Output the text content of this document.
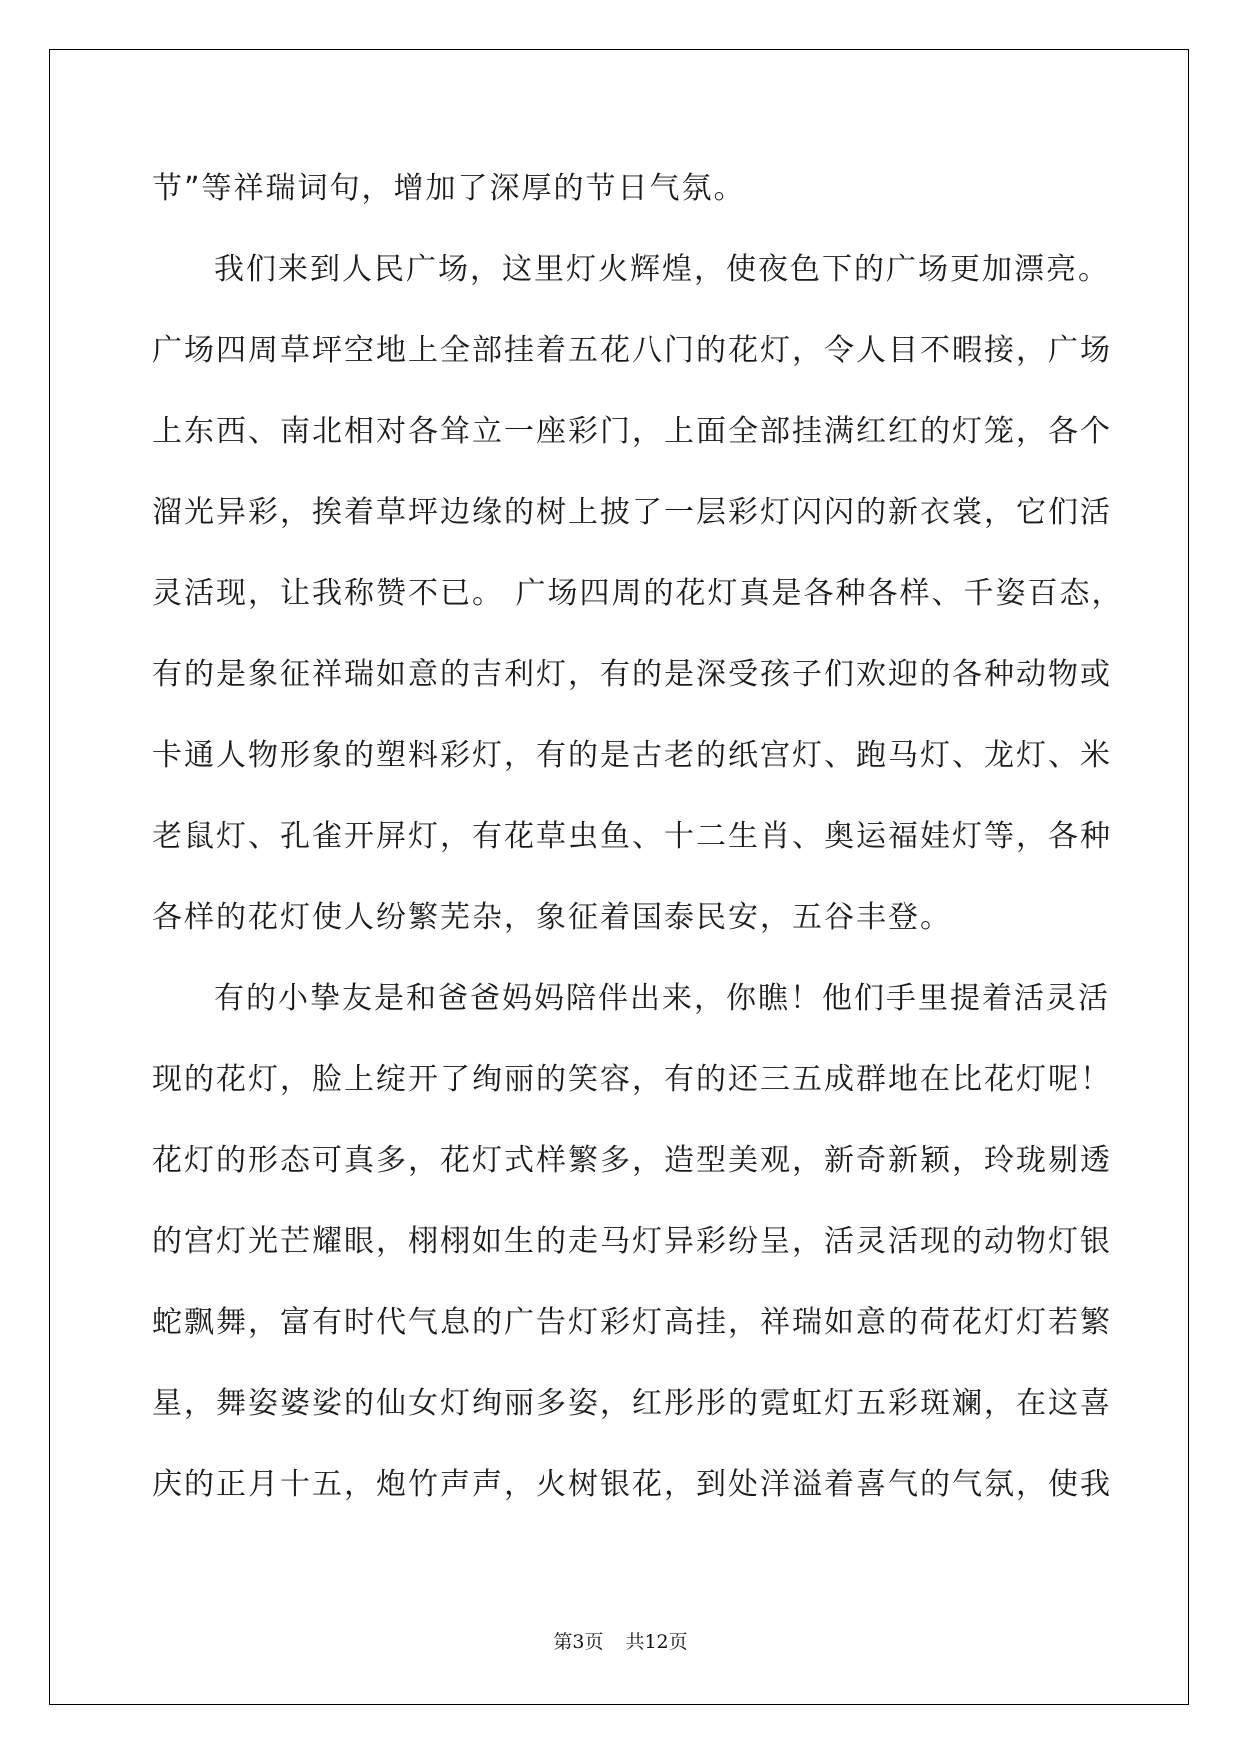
节”等祥瑞词句，增加了深厚的节日气氛。
我们来到人民广场，这里灯火辉煌，使夜色下的广场更加漂亮。
广场四周草坪空地上全部挂着五花八门的花灯，令人目不暇接，广场
上东西、南北相对各耸立一座彩门，上面全部挂满红红的灯笼，各个
溜光异彩，挨着草坪边缘的树上披了一层彩灯闪闪的新衣裳，它们活
灵活现，让我称赞不已。 广场四周的花灯真是各种各样、千姿百态，
有的是象征祥瑞如意的吉利灯，有的是深受孩子们欢迎的各种动物或
卡通人物形象的塑料彩灯，有的是古老的纸宫灯、跑马灯、龙灯、米
老鼠灯、孔雀开屏灯，有花草虫鱼、十二生肖、奥运福娃灯等，各种
各样的花灯使人纷繁芜杂，象征着国泰民安，五谷丰登。
有的小挚友是和爸爸妈妈陪伴出来，你瞧！他们手里提着活灵活
现的花灯，脸上绽开了绚丽的笑容，有的还三五成群地在比花灯呢！
花灯的形态可真多，花灯式样繁多，造型美观，新奇新颖，玲珑剔透
的宫灯光芒耀眼，栩栩如生的走马灯异彩纷呈，活灵活现的动物灯银
蛇飘舞，富有时代气息的广告灯彩灯高挂，祥瑞如意的荷花灯灯若繁
星，舞姿婆娑的仙女灯绚丽多姿，红彤彤的霓虹灯五彩斑斓，在这喜
庆的正月十五，炮竹声声，火树银花，到处洋溢着喜气的气氛，使我
第3页 共12页
